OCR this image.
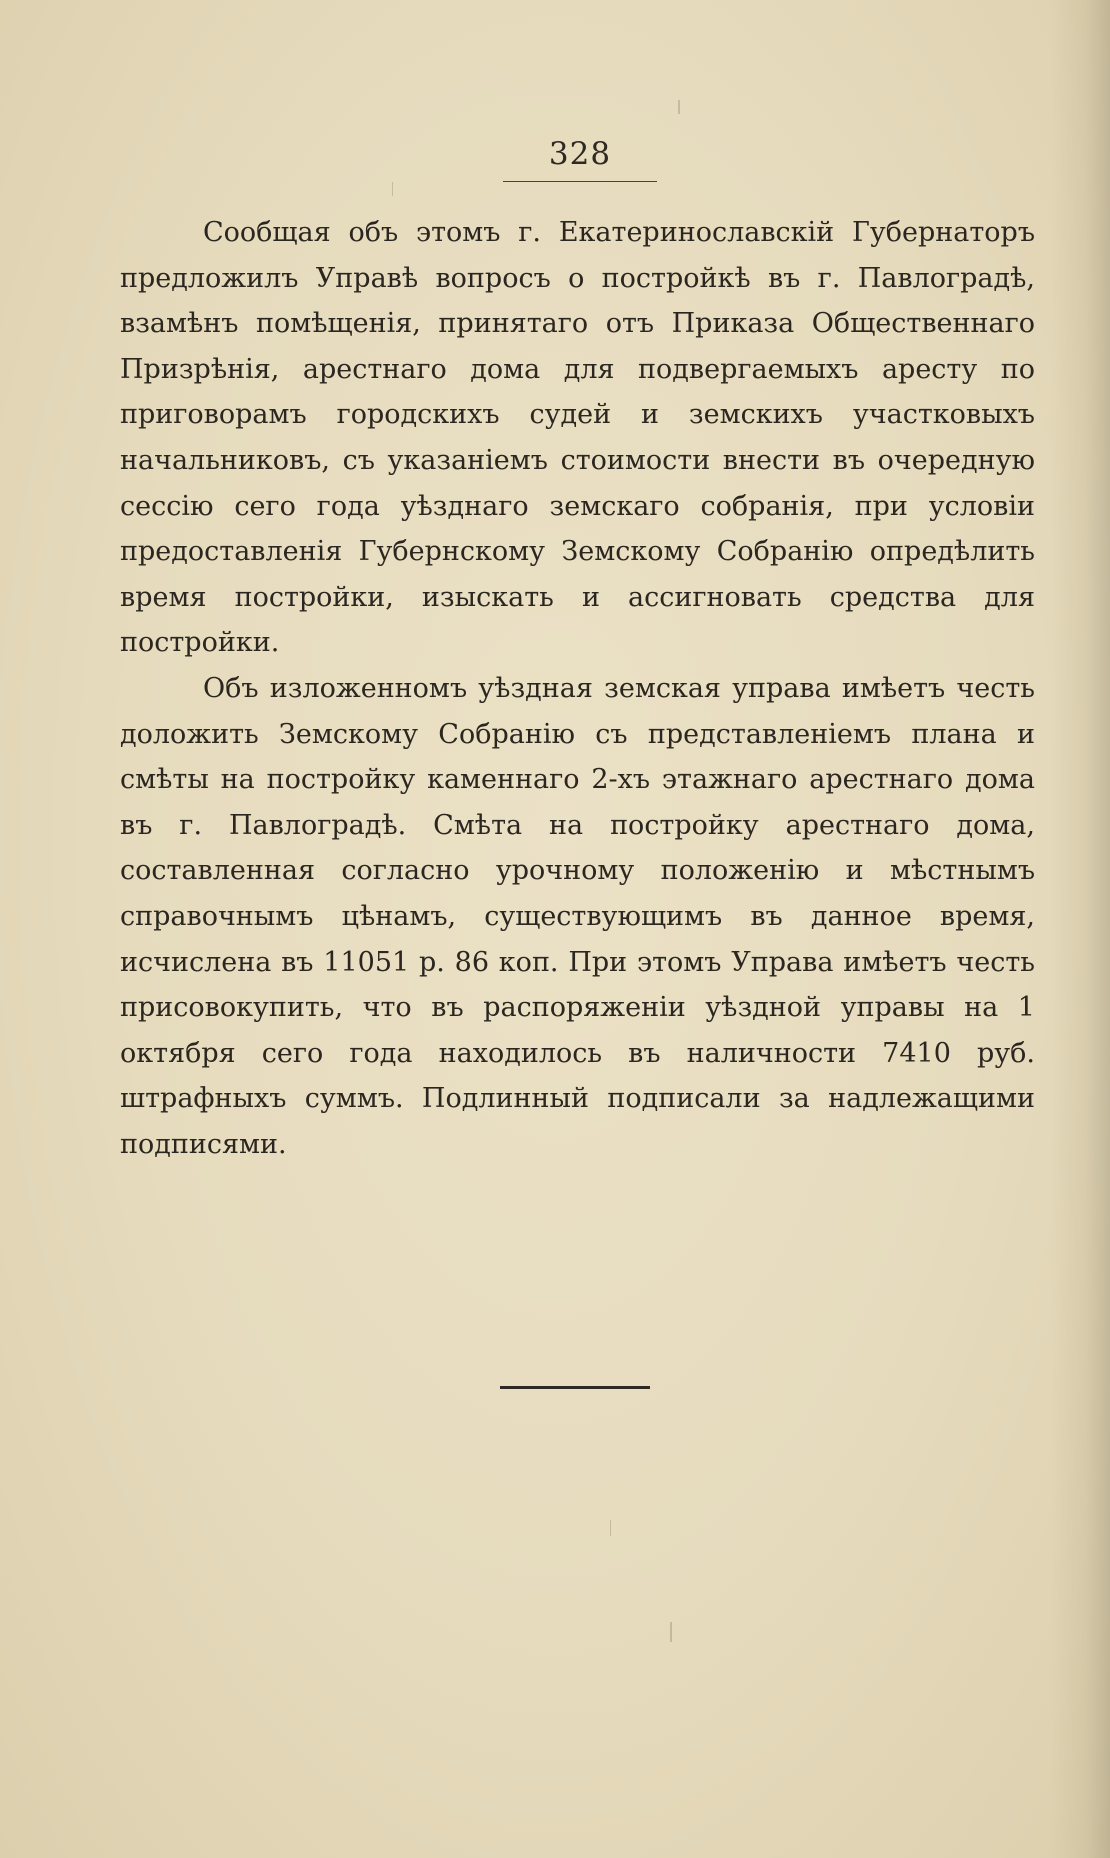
328

Сообщая объ этомъ г. Екатеринославскій Губернаторъ предложилъ Управѣ вопросъ о постройкѣ въ г. Павлоградѣ, взамѣнъ помѣщенія, принятаго отъ Приказа Общественнаго Призрѣнія, арестнаго дома для подвергаемыхъ аресту по приговорамъ городскихъ судей и земскихъ участковыхъ начальниковъ, съ указаніемъ стоимости внести въ очередную сессію сего года уѣзднаго земскаго собранія, при условіи предоставленія Губернскому Земскому Собранію опредѣлить время постройки, изыскать и ассигновать средства для постройки.

Объ изложенномъ уѣздная земская управа имѣетъ честь доложить Земскому Собранію съ представленіемъ плана и смѣты на постройку каменнаго 2-хъ этажнаго арестнаго дома въ г. Павлоградѣ. Смѣта на постройку арестнаго дома, составленная согласно урочному положенію и мѣстнымъ справочнымъ цѣнамъ, существующимъ въ данное время, исчислена въ 11051 р. 86 коп. При этомъ Управа имѣетъ честь присовокупить, что въ распоряженіи уѣздной управы на 1 октября сего года находилось въ наличности 7410 руб. штрафныхъ суммъ. Подлинный подписали за надлежащими подписями.
